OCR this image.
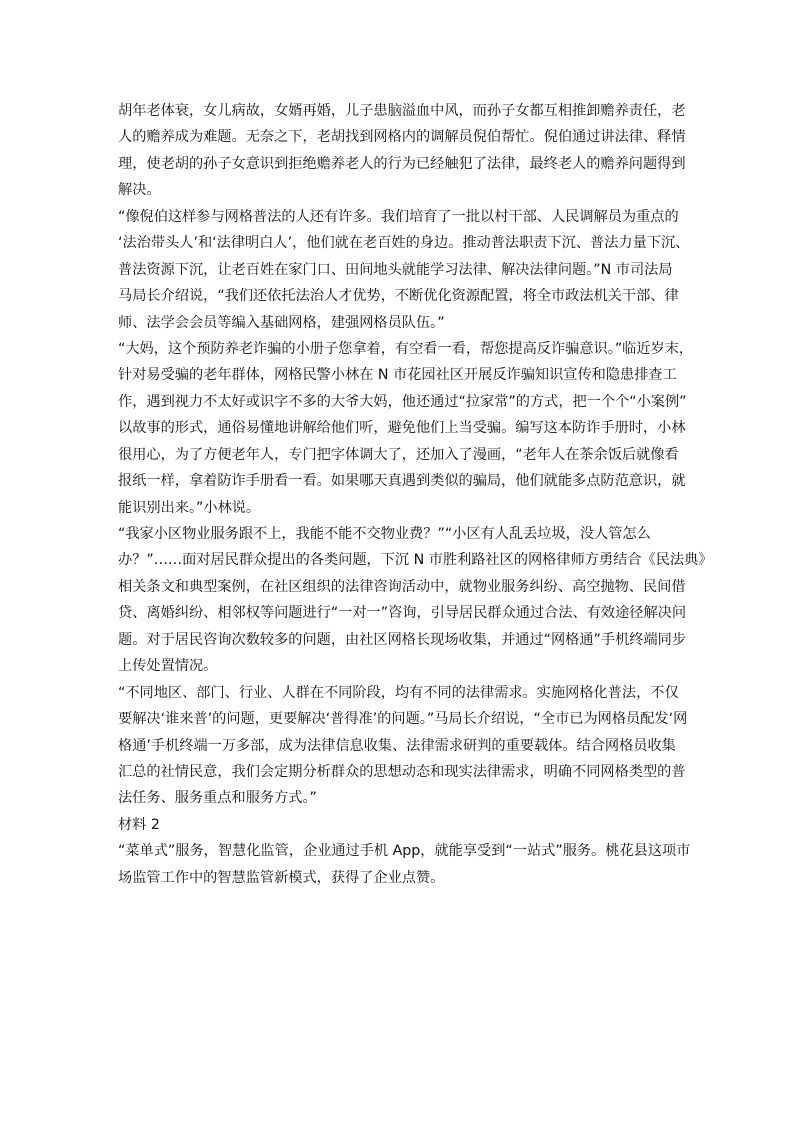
胡年老体衰，女儿病故，女婿再婚，儿子患脑溢血中风，而孙子女都互相推卸赡养责任，老
人的赡养成为难题。无奈之下，老胡找到网格内的调解员倪伯帮忙。倪伯通过讲法律、释情
理，使老胡的孙子女意识到拒绝赡养老人的行为已经触犯了法律，最终老人的赡养问题得到
解决。
“像倪伯这样参与网格普法的人还有许多。我们培育了一批以村干部、人民调解员为重点的
‘法治带头人’和‘法律明白人’，他们就在老百姓的身边。推动普法职责下沉、普法力量下沉、
普法资源下沉，让老百姓在家门口、田间地头就能学习法律、解决法律问题。”N 市司法局
马局长介绍说，“我们还依托法治人才优势，不断优化资源配置，将全市政法机关干部、律
师、法学会会员等编入基础网格，建强网格员队伍。”
“大妈，这个预防养老诈骗的小册子您拿着，有空看一看，帮您提高反诈骗意识。”临近岁末，
针对易受骗的老年群体，网格民警小林在 N 市花园社区开展反诈骗知识宣传和隐患排查工
作，遇到视力不太好或识字不多的大爷大妈，他还通过“拉家常”的方式，把一个个“小案例”
以故事的形式，通俗易懂地讲解给他们听，避免他们上当受骗。编写这本防诈手册时，小林
很用心，为了方便老年人，专门把字体调大了，还加入了漫画，“老年人在茶余饭后就像看
报纸一样，拿着防诈手册看一看。如果哪天真遇到类似的骗局，他们就能多点防范意识，就
能识别出来。”小林说。
“我家小区物业服务跟不上，我能不能不交物业费？”“小区有人乱丢垃圾，没人管怎么
办？”……面对居民群众提出的各类问题，下沉 N 市胜利路社区的网格律师方勇结合《民法典》
相关条文和典型案例，在社区组织的法律咨询活动中，就物业服务纠纷、高空抛物、民间借
贷、离婚纠纷、相邻权等问题进行“一对一”咨询，引导居民群众通过合法、有效途径解决问
题。对于居民咨询次数较多的问题，由社区网格长现场收集，并通过“网格通”手机终端同步
上传处置情况。
“不同地区、部门、行业、人群在不同阶段，均有不同的法律需求。实施网格化普法，不仅
要解决‘谁来普’的问题，更要解决‘普得准’的问题。”马局长介绍说，“全市已为网格员配发‘网
格通’手机终端一万多部，成为法律信息收集、法律需求研判的重要载体。结合网格员收集
汇总的社情民意，我们会定期分析群众的思想动态和现实法律需求，明确不同网格类型的普
法任务、服务重点和服务方式。”
材料 2
“菜单式”服务，智慧化监管，企业通过手机 App，就能享受到“一站式”服务。桃花县这项市
场监管工作中的智慧监管新模式，获得了企业点赞。
